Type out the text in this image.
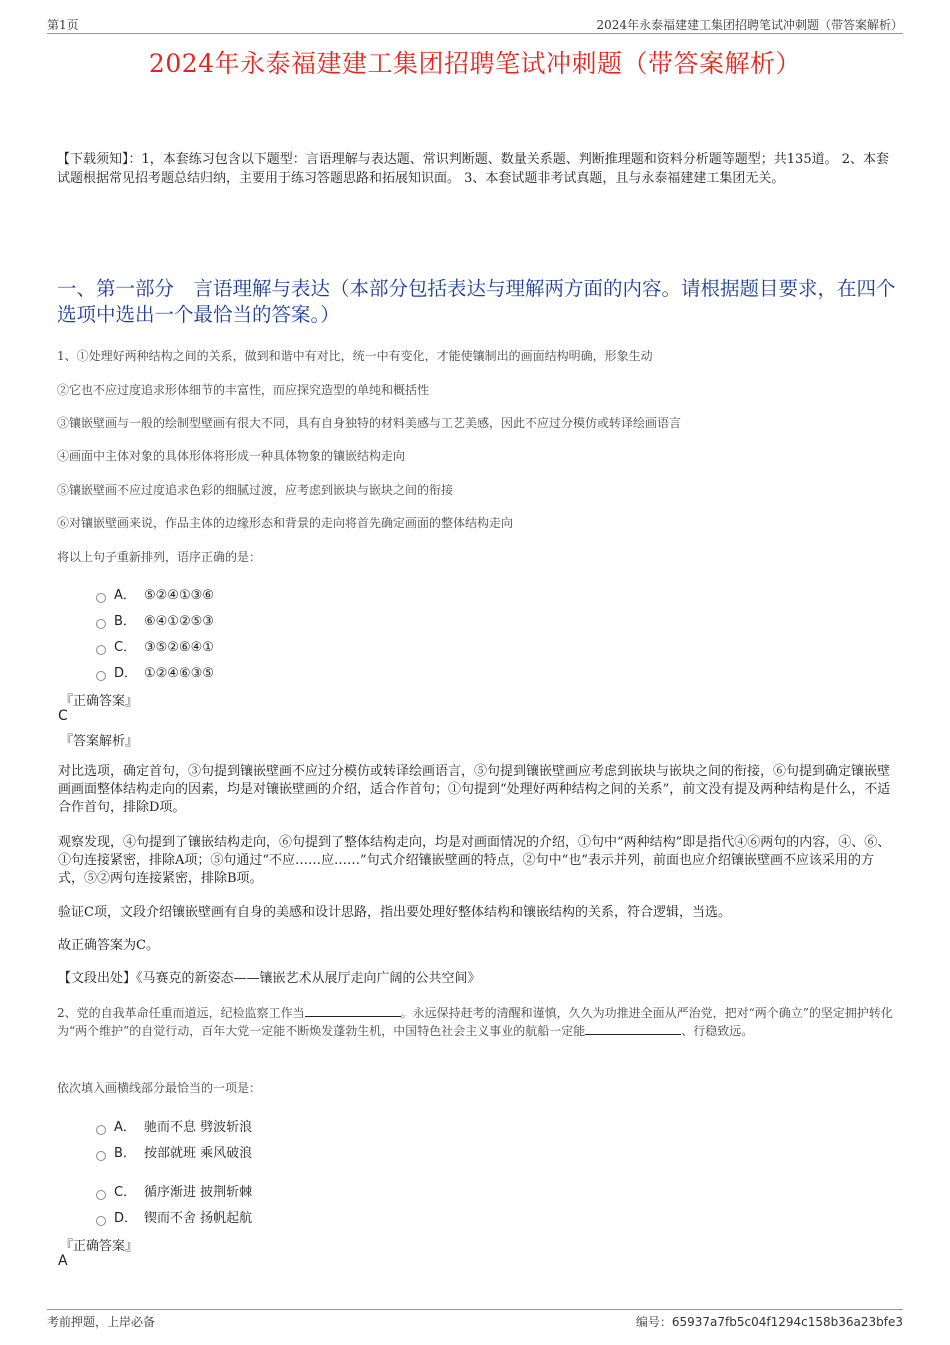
第1页	2024年永泰福建建工集团招聘笔试冲刺题（带答案解析）
2024年永泰福建建工集团招聘笔试冲刺题（带答案解析）
【下载须知】：1，本套练习包含以下题型：言语理解与表达题、常识判断题、数量关系题、判断推理题和资料分析题等题型；共135道。 2、本套试题根据常见招考题总结归纳，主要用于练习答题思路和拓展知识面。 3、本套试题非考试真题，且与永泰福建建工集团无关。
一、第一部分　言语理解与表达（本部分包括表达与理解两方面的内容。请根据题目要求，在四个选项中选出一个最恰当的答案。）
1、①处理好两种结构之间的关系，做到和谐中有对比，统一中有变化，才能使镶制出的画面结构明确，形象生动
②它也不应过度追求形体细节的丰富性，而应探究造型的单纯和概括性
③镶嵌壁画与一般的绘制型壁画有很大不同，具有自身独特的材料美感与工艺美感，因此不应过分模仿或转译绘画语言
④画面中主体对象的具体形体将形成一种具体物象的镶嵌结构走向
⑤镶嵌壁画不应过度追求色彩的细腻过渡，应考虑到嵌块与嵌块之间的衔接
⑥对镶嵌壁画来说，作品主体的边缘形态和背景的走向将首先确定画面的整体结构走向
将以上句子重新排列，语序正确的是：
A． ⑤②④①③⑥
B． ⑥④①②⑤③
C． ③⑤②⑥④①
D． ①②④⑥③⑤
『正确答案』
C
『答案解析』
对比选项，确定首句，③句提到镶嵌壁画不应过分模仿或转译绘画语言，⑤句提到镶嵌壁画应考虑到嵌块与嵌块之间的衔接，⑥句提到确定镶嵌壁画画面整体结构走向的因素，均是对镶嵌壁画的介绍，适合作首句；①句提到“处理好两种结构之间的关系”，前文没有提及两种结构是什么，不适合作首句，排除D项。
观察发现，④句提到了镶嵌结构走向，⑥句提到了整体结构走向，均是对画面情况的介绍，①句中“两种结构”即是指代④⑥两句的内容，④、⑥、①句连接紧密，排除A项；⑤句通过“不应……应……”句式介绍镶嵌壁画的特点，②句中“也”表示并列，前面也应介绍镶嵌壁画不应该采用的方式，⑤②两句连接紧密，排除B项。
验证C项，文段介绍镶嵌壁画有自身的美感和设计思路，指出要处理好整体结构和镶嵌结构的关系，符合逻辑，当选。
故正确答案为C。
【文段出处】《马赛克的新姿态——镶嵌艺术从展厅走向广阔的公共空间》
2、党的自我革命任重而道远，纪检监察工作当	。永远保持赶考的清醒和谨慎，久久为功推进全面从严治党，把对“两个确立”的坚定拥护转化为“两个维护”的自觉行动，百年大党一定能不断焕发蓬勃生机，中国特色社会主义事业的航船一定能	、行稳致远。
依次填入画横线部分最恰当的一项是：
A． 驰而不息 劈波斩浪
B． 按部就班 乘风破浪
C． 循序渐进 披荆斩棘
D． 锲而不舍 扬帆起航
『正确答案』
A
考前押题，上岸必备	编号：65937a7fb5c04f1294c158b36a23bfe3
